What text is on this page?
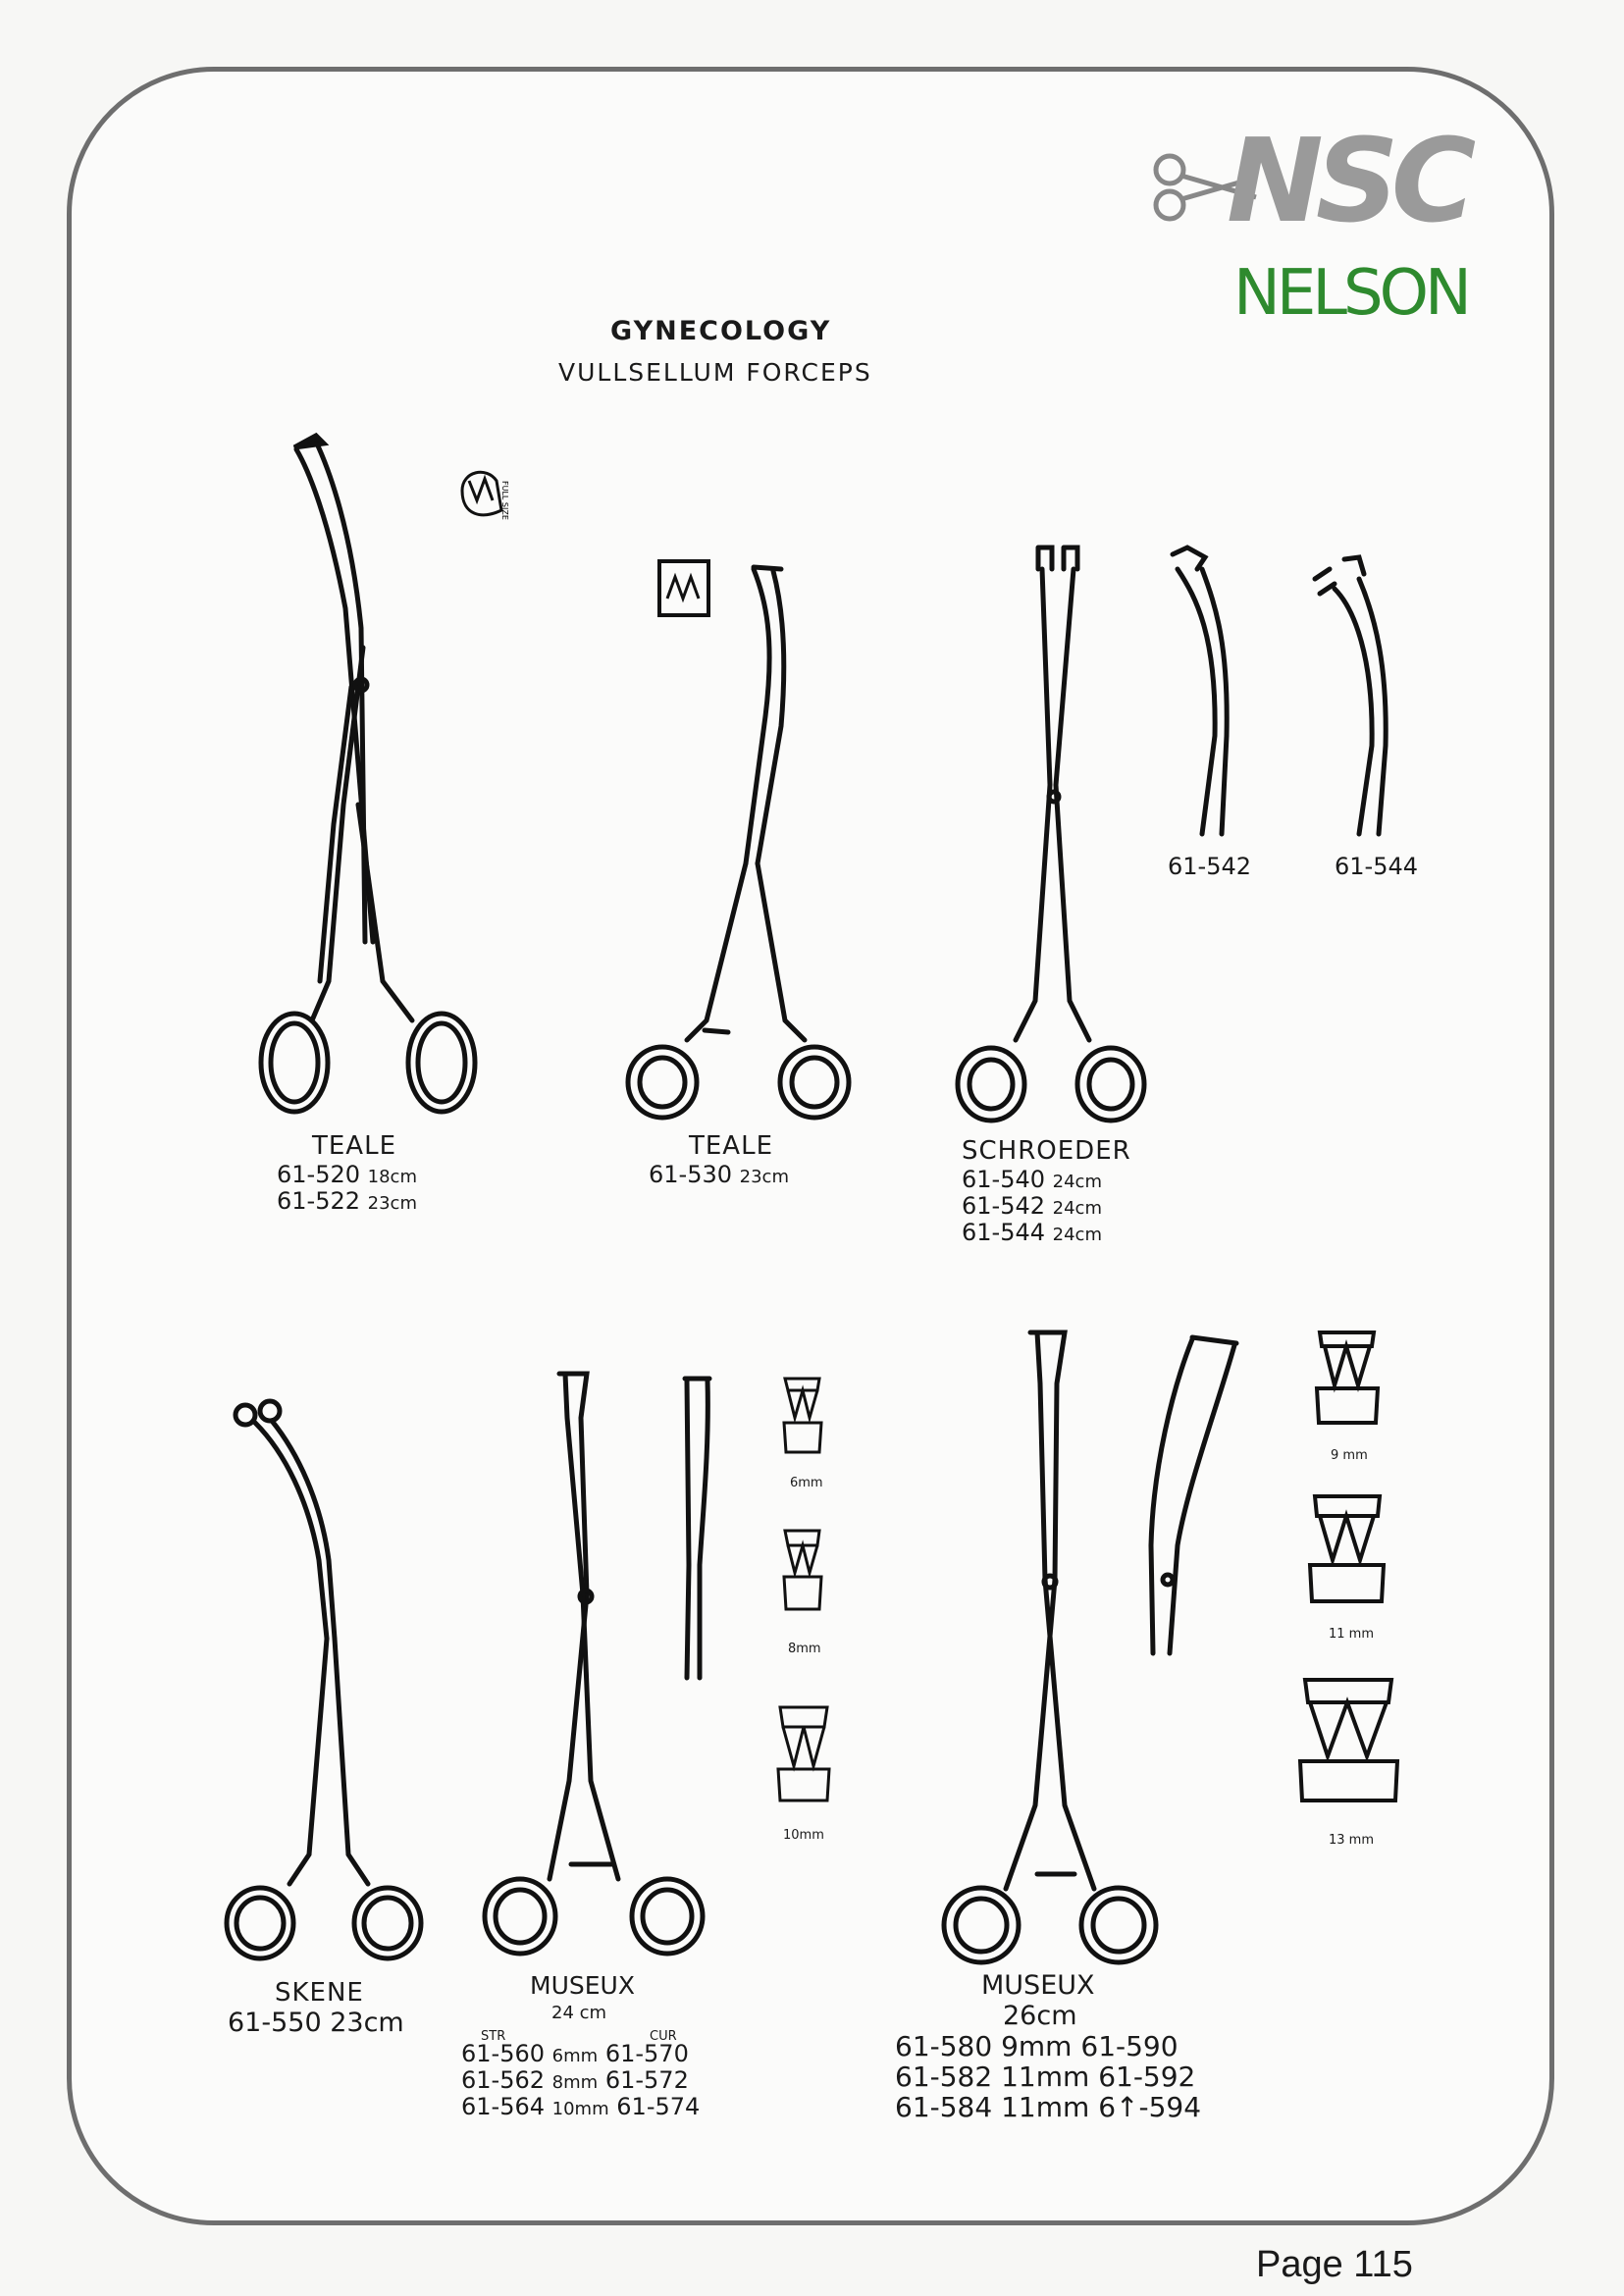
NSC
NELSON
GYNECOLOGY
VULLSELLUM FORCEPS
FULL SIZE
61-542	61-544
TEALE
61-520 18cm
61-522 23cm
TEALE
61-530 23cm
SCHROEDER
61-540 24cm
61-542 24cm
61-544 24cm
6mm
8mm
10mm
9 mm
11 mm
13 mm
SKENE
61-550 23cm
MUSEUX
24 cm
STR	CUR
61-560 6mm 61-570
61-562 8mm 61-572
61-564 10mm 61-574
MUSEUX
26cm
61-580 9mm 61-590
61-582 11mm 61-592
61-584 11mm 6↑-594
Page 115
